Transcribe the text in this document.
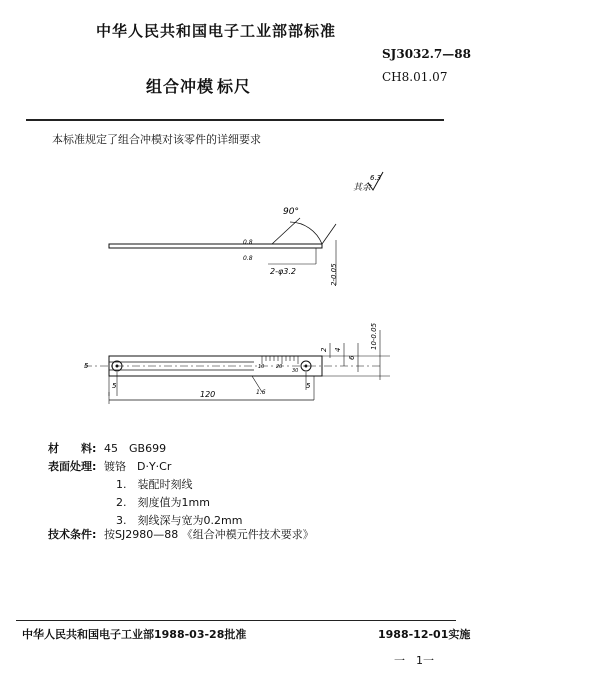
中华人民共和国电子工业部部标准
SJ3032.7—88
组合冲模 标尺	CH8.01.07
本标准规定了组合冲模对该零件的详细要求
其余
6.3
90°
0.8
0.8
2-φ3.2	2-0.05
10 20
30
1.6
5
5	5
120
2 4
6
10-0.05
材　　料: 45　GB699
表面处理: 镀铬　D·Y·Cr
1.　装配时刻线
2.　刻度值为1mm
3.　刻线深与宽为0.2mm
技术条件: 按SJ2980—88 《组合冲模元件技术要求》
中华人民共和国电子工业部1988-03-28批准	1988-12-01实施
一　1一
